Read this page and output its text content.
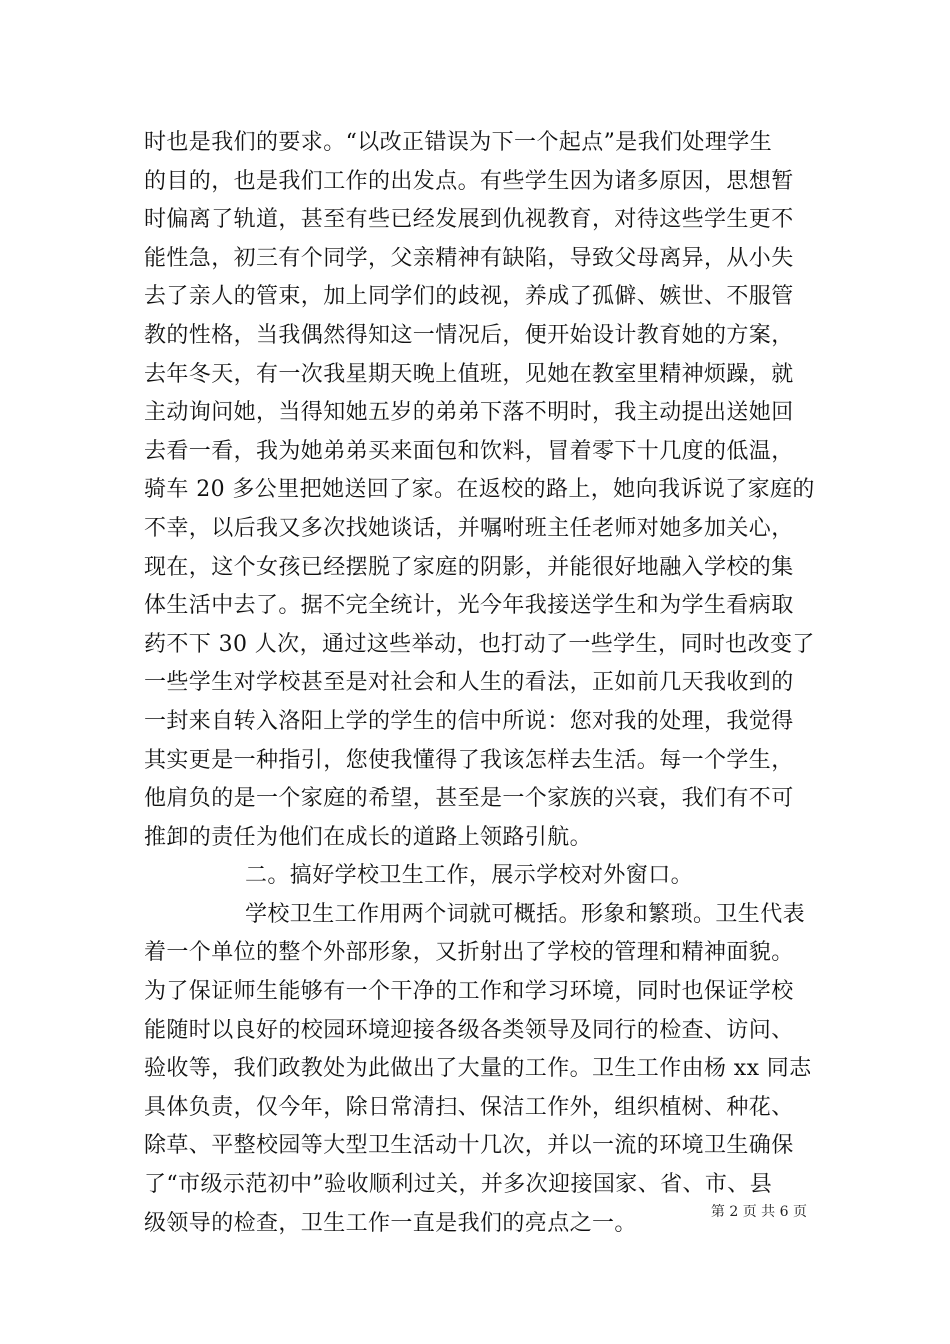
时也是我们的要求。“以改正错误为下一个起点”是我们处理学生
的目的，也是我们工作的出发点。有些学生因为诸多原因，思想暂
时偏离了轨道，甚至有些已经发展到仇视教育，对待这些学生更不
能性急，初三有个同学，父亲精神有缺陷，导致父母离异，从小失
去了亲人的管束，加上同学们的歧视，养成了孤僻、嫉世、不服管
教的性格，当我偶然得知这一情况后，便开始设计教育她的方案，
去年冬天，有一次我星期天晚上值班，见她在教室里精神烦躁，就
主动询问她，当得知她五岁的弟弟下落不明时，我主动提出送她回
去看一看，我为她弟弟买来面包和饮料，冒着零下十几度的低温，
骑车 20 多公里把她送回了家。在返校的路上，她向我诉说了家庭的
不幸，以后我又多次找她谈话，并嘱咐班主任老师对她多加关心，
现在，这个女孩已经摆脱了家庭的阴影，并能很好地融入学校的集
体生活中去了。据不完全统计，光今年我接送学生和为学生看病取
药不下 30 人次，通过这些举动，也打动了一些学生，同时也改变了
一些学生对学校甚至是对社会和人生的看法，正如前几天我收到的
一封来自转入洛阳上学的学生的信中所说：您对我的处理，我觉得
其实更是一种指引，您使我懂得了我该怎样去生活。每一个学生，
他肩负的是一个家庭的希望，甚至是一个家族的兴衰，我们有不可
推卸的责任为他们在成长的道路上领路引航。
二。搞好学校卫生工作，展示学校对外窗口。
学校卫生工作用两个词就可概括。形象和繁琐。卫生代表
着一个单位的整个外部形象，又折射出了学校的管理和精神面貌。
为了保证师生能够有一个干净的工作和学习环境，同时也保证学校
能随时以良好的校园环境迎接各级各类领导及同行的检查、访问、
验收等，我们政教处为此做出了大量的工作。卫生工作由杨 xx 同志
具体负责，仅今年，除日常清扫、保洁工作外，组织植树、种花、
除草、平整校园等大型卫生活动十几次，并以一流的环境卫生确保
了“市级示范初中”验收顺利过关，并多次迎接国家、省、市、县
级领导的检查，卫生工作一直是我们的亮点之一。	第 2 页 共 6 页
